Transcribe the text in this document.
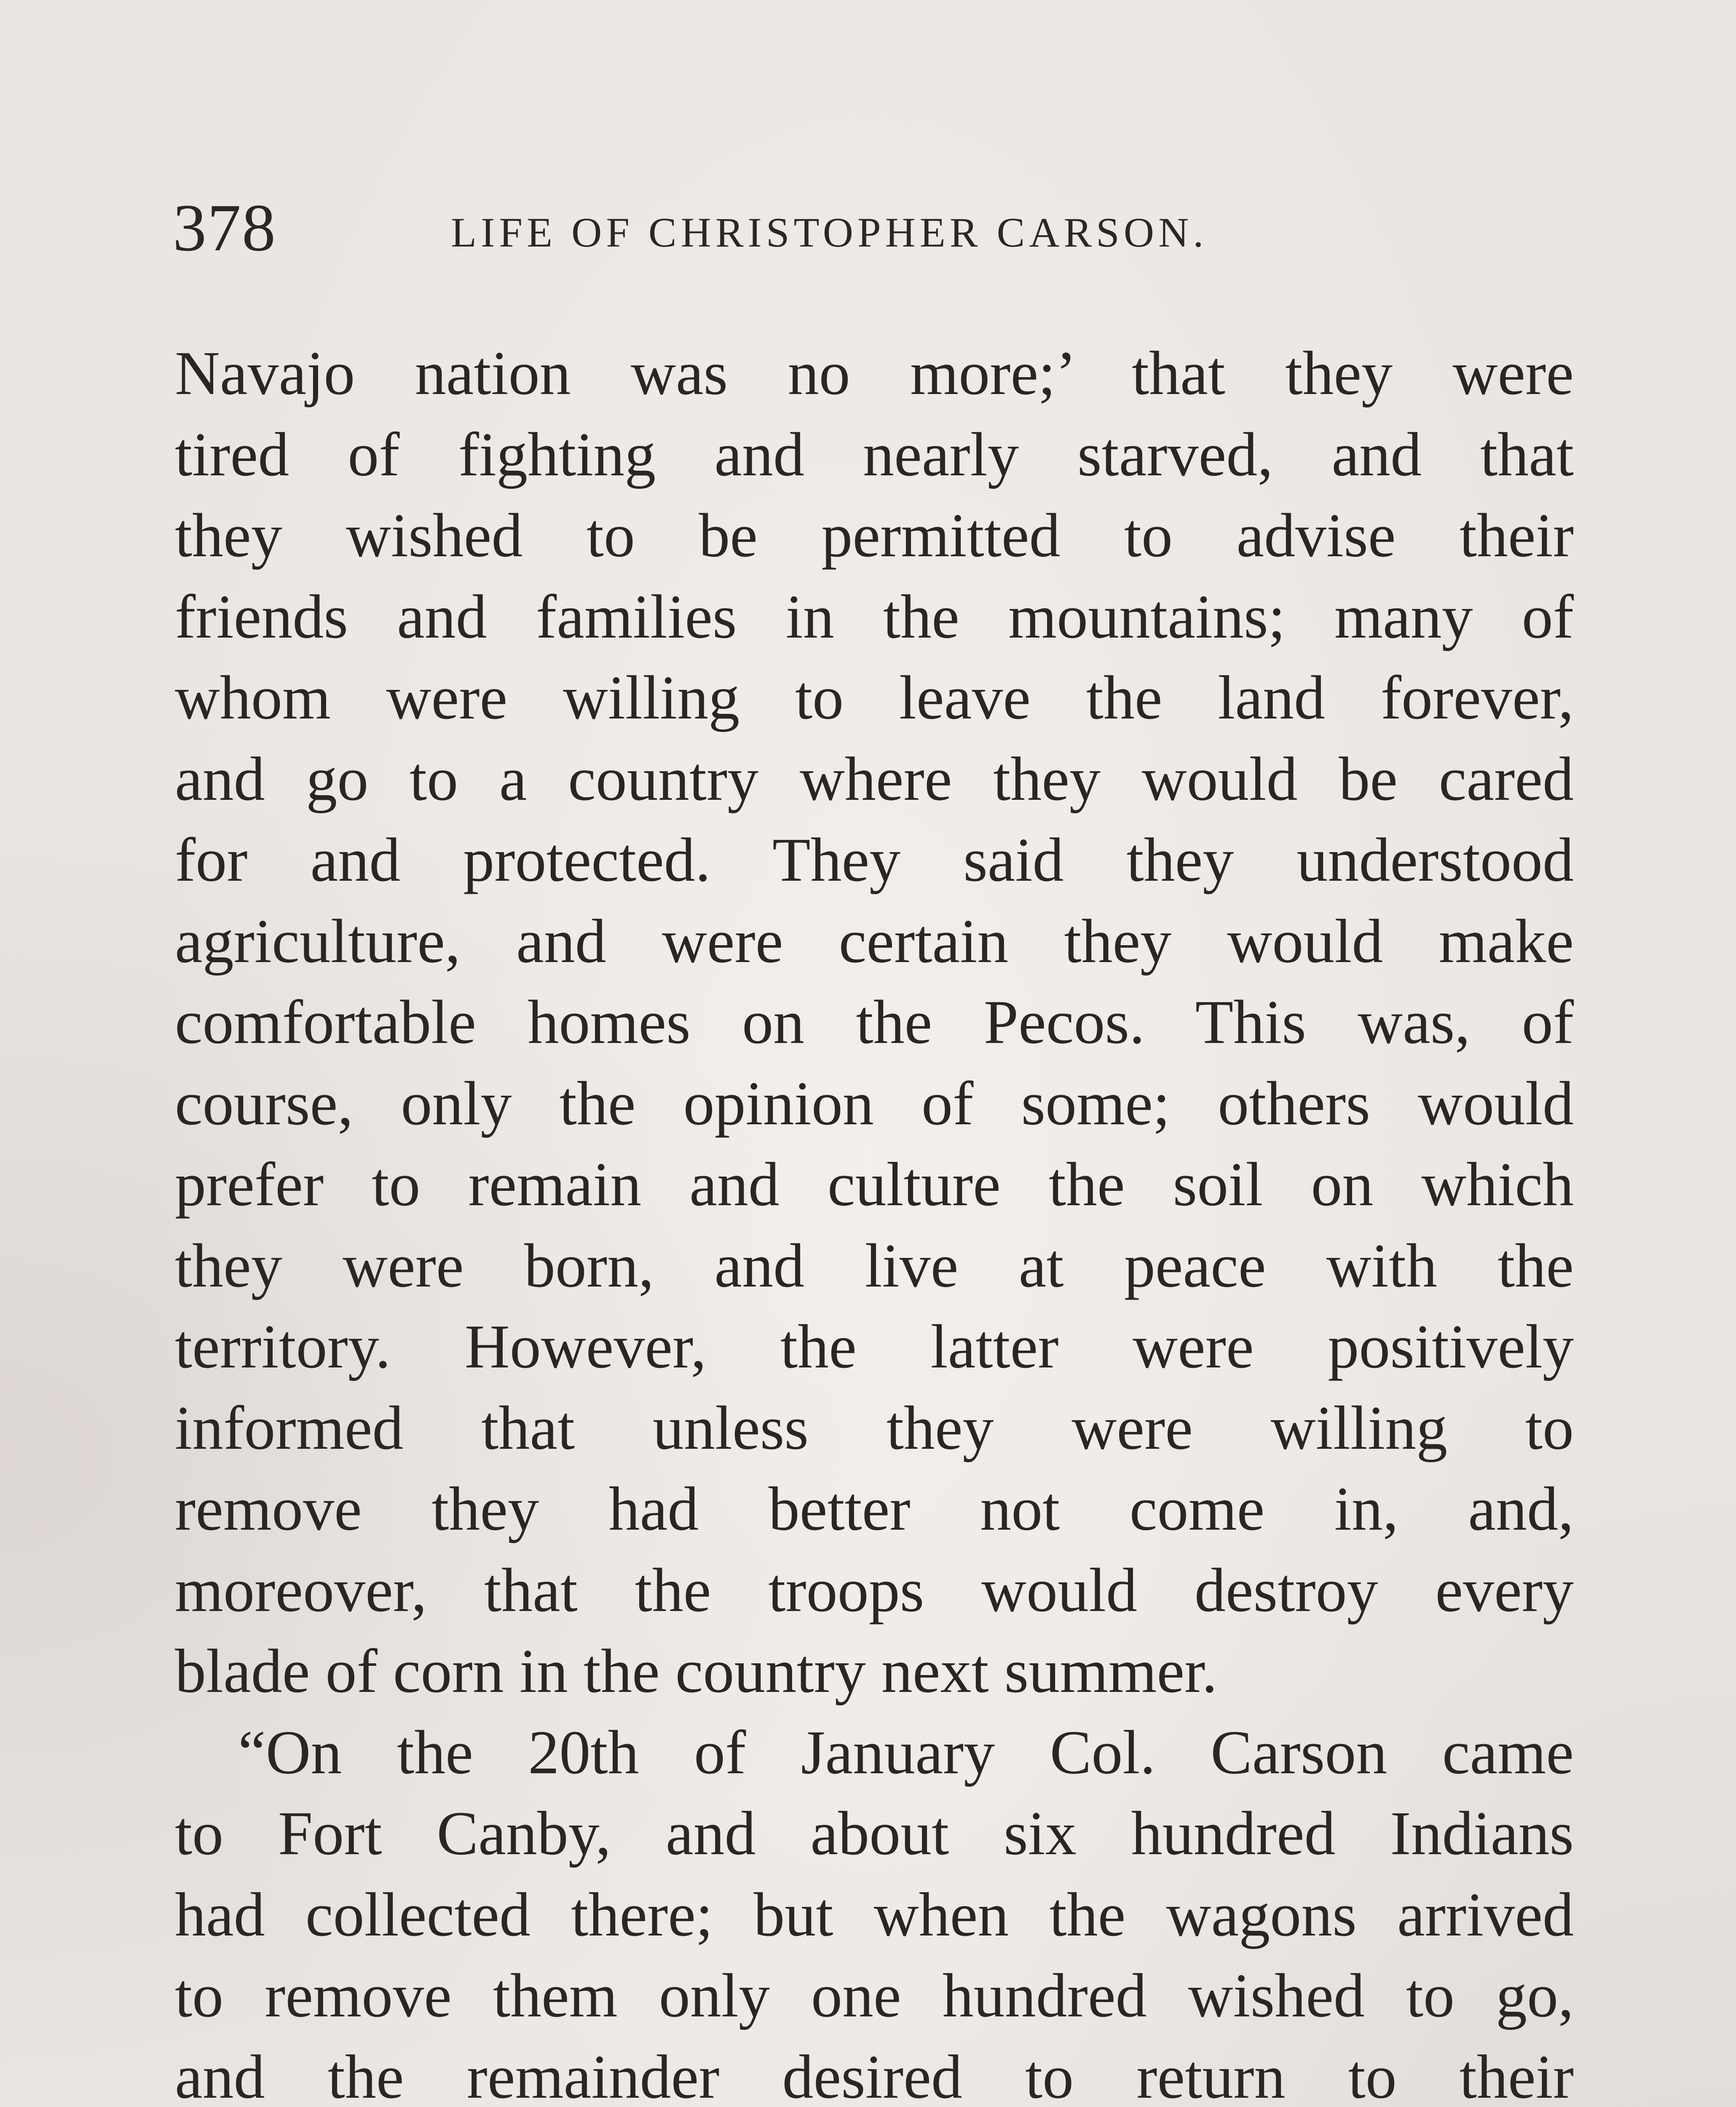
378	LIFE OF CHRISTOPHER CARSON.
Navajo nation was no more;’ that they were
tired of fighting and nearly starved, and that
they wished to be permitted to advise their
friends and families in the mountains; many of
whom were willing to leave the land forever,
and go to a country where they would be cared
for and protected. They said they understood
agriculture, and were certain they would make
comfortable homes on the Pecos. This was, of
course, only the opinion of some; others would
prefer to remain and culture the soil on which
they were born, and live at peace with the
territory. However, the latter were positively
informed that unless they were willing to
remove they had better not come in, and,
moreover, that the troops would destroy every
blade of corn in the country next summer.
“On the 20th of January Col. Carson came
to Fort Canby, and about six hundred Indians
had collected there; but when the wagons arrived
to remove them only one hundred wished to go,
and the remainder desired to return to their
